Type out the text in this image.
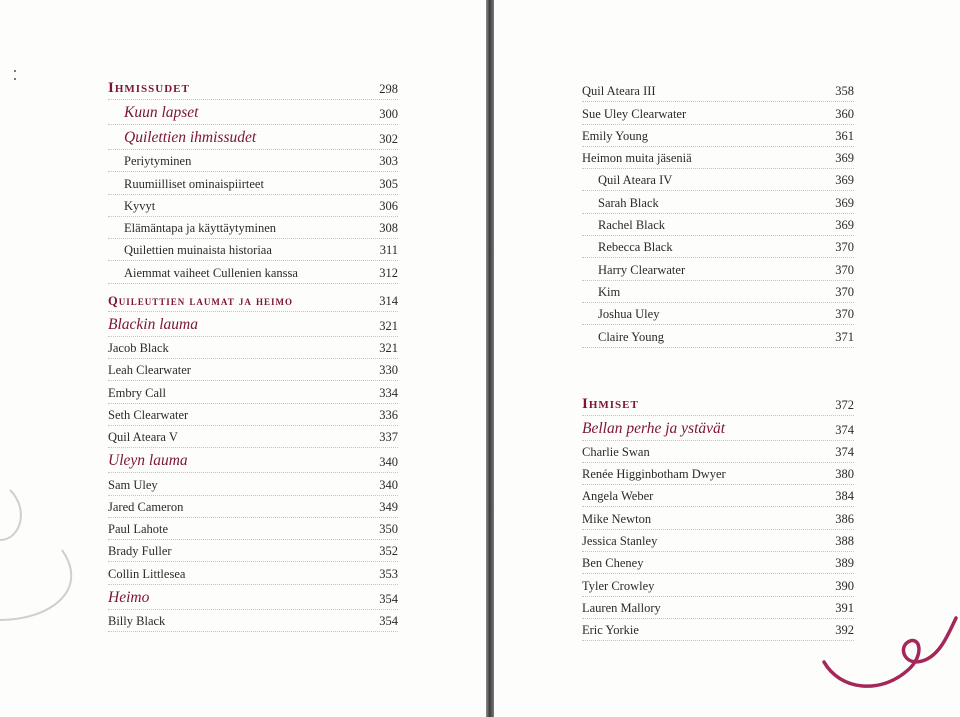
Ihmissudet	298
Kuun lapset	300
Quilettien ihmissudet	302
Periytyminen	303
Ruumiilliset ominaispiirteet	305
Kyvyt	306
Elämäntapa ja käyttäytyminen	308
Quilettien muinaista historiaa	311
Aiemmat vaiheet Cullenien kanssa	312
Quileuttien laumat ja heimo	314
Blackin lauma	321
Jacob Black	321
Leah Clearwater	330
Embry Call	334
Seth Clearwater	336
Quil Ateara V	337
Uleyn lauma	340
Sam Uley	340
Jared Cameron	349
Paul Lahote	350
Brady Fuller	352
Collin Littlesea	353
Heimo	354
Billy Black	354
Quil Ateara III	358
Sue Uley Clearwater	360
Emily Young	361
Heimon muita jäseniä	369
Quil Ateara IV	369
Sarah Black	369
Rachel Black	369
Rebecca Black	370
Harry Clearwater	370
Kim	370
Joshua Uley	370
Claire Young	371
Ihmiset	372
Bellan perhe ja ystävät	374
Charlie Swan	374
Renée Higginbotham Dwyer	380
Angela Weber	384
Mike Newton	386
Jessica Stanley	388
Ben Cheney	389
Tyler Crowley	390
Lauren Mallory	391
Eric Yorkie	392
